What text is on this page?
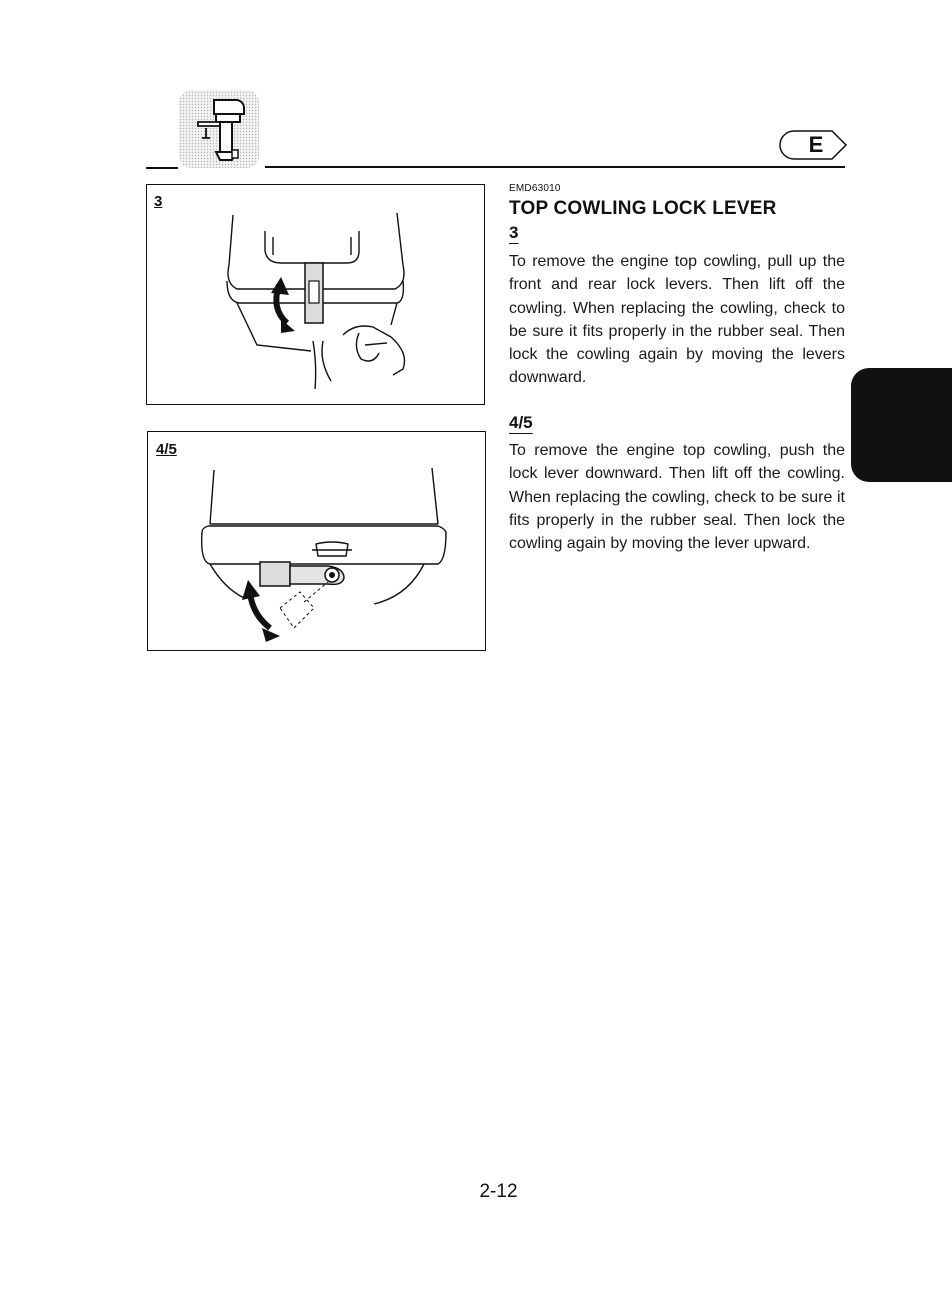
E
3
4/5
EMD63010
TOP COWLING LOCK LEVER
3
To remove the engine top cowling, pull up the front and rear lock levers. Then lift off the cowling. When replacing the cowling, check to be sure it fits properly in the rubber seal. Then lock the cowling again by moving the levers downward.
4/5
To remove the engine top cowling, push the lock lever downward. Then lift off the cowling. When replacing the cowling, check to be sure it fits properly in the rubber seal. Then lock the cowling again by moving the lever upward.
2-12
